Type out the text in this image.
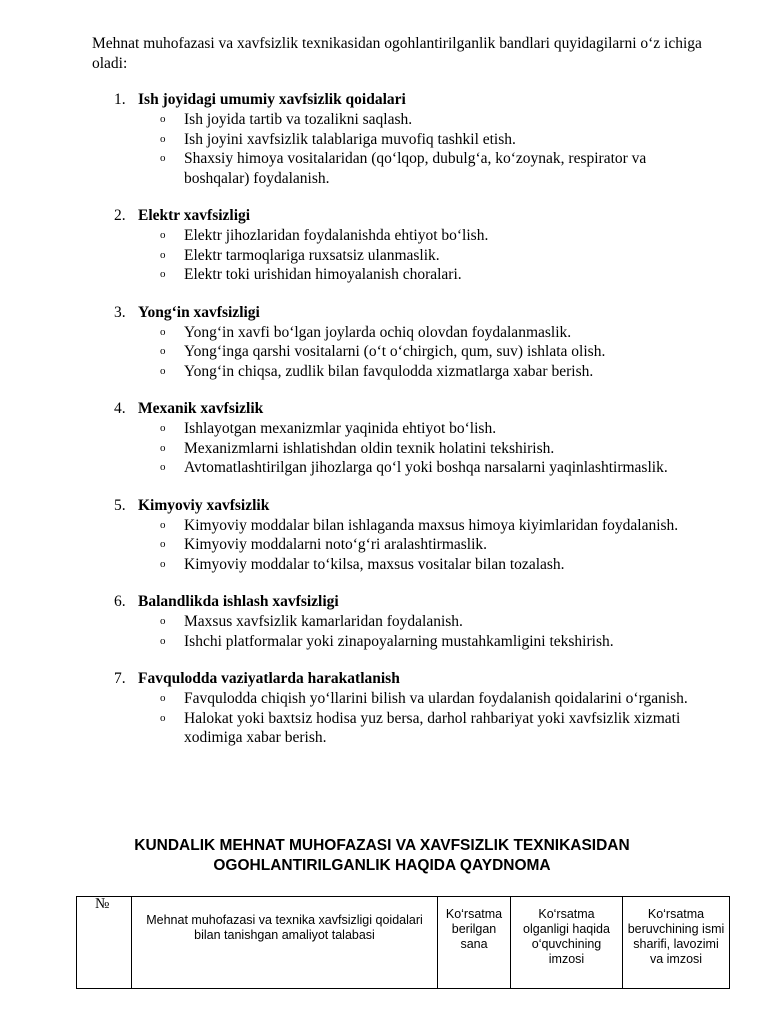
Mehnat muhofazasi va xavfsizlik texnikasidan ogohlantirilganlik bandlari quyidagilarni o‘z ichiga oladi:

1. Ish joyidagi umumiy xavfsizlik qoidalari
o Ish joyida tartib va tozalikni saqlash.
o Ish joyini xavfsizlik talablariga muvofiq tashkil etish.
o Shaxsiy himoya vositalaridan (qo‘lqop, dubulg‘a, ko‘zoynak, respirator va boshqalar) foydalanish.
2. Elektr xavfsizligi
o Elektr jihozlaridan foydalanishda ehtiyot bo‘lish.
o Elektr tarmoqlariga ruxsatsiz ulanmaslik.
o Elektr toki urishidan himoyalanish choralari.
3. Yong‘in xavfsizligi
o Yong‘in xavfi bo‘lgan joylarda ochiq olovdan foydalanmaslik.
o Yong‘inga qarshi vositalarni (o‘t o‘chirgich, qum, suv) ishlata olish.
o Yong‘in chiqsa, zudlik bilan favqulodda xizmatlarga xabar berish.
4. Mexanik xavfsizlik
o Ishlayotgan mexanizmlar yaqinida ehtiyot bo‘lish.
o Mexanizmlarni ishlatishdan oldin texnik holatini tekshirish.
o Avtomatlashtirilgan jihozlarga qo‘l yoki boshqa narsalarni yaqinlashtirmaslik.
5. Kimyoviy xavfsizlik
o Kimyoviy moddalar bilan ishlaganda maxsus himoya kiyimlaridan foydalanish.
o Kimyoviy moddalarni noto‘g‘ri aralashtirmaslik.
o Kimyoviy moddalar to‘kilsa, maxsus vositalar bilan tozalash.
6. Balandlikda ishlash xavfsizligi
o Maxsus xavfsizlik kamarlaridan foydalanish.
o Ishchi platformalar yoki zinapoyalarning mustahkamligini tekshirish.
7. Favqulodda vaziyatlarda harakatlanish
o Favqulodda chiqish yo‘llarini bilish va ulardan foydalanish qoidalarini o‘rganish.
o Halokat yoki baxtsiz hodisa yuz bersa, darhol rahbariyat yoki xavfsizlik xizmati xodimiga xabar berish.
KUNDALIK MEHNAT MUHOFAZASI VA XAVFSIZLIK TEXNIKASIDAN OGOHLANTIRILGANLIK HAQIDA QAYDNOMA
№	Mehnat muhofazasi va texnika xavfsizligi qoidalari bilan tanishgan amaliyot talabasi	Ko‘rsatma berilgan sana	Ko‘rsatma olganligi haqida o‘quvchining imzosi	Ko‘rsatma beruvchining ismi sharifi, lavozimi va imzosi
